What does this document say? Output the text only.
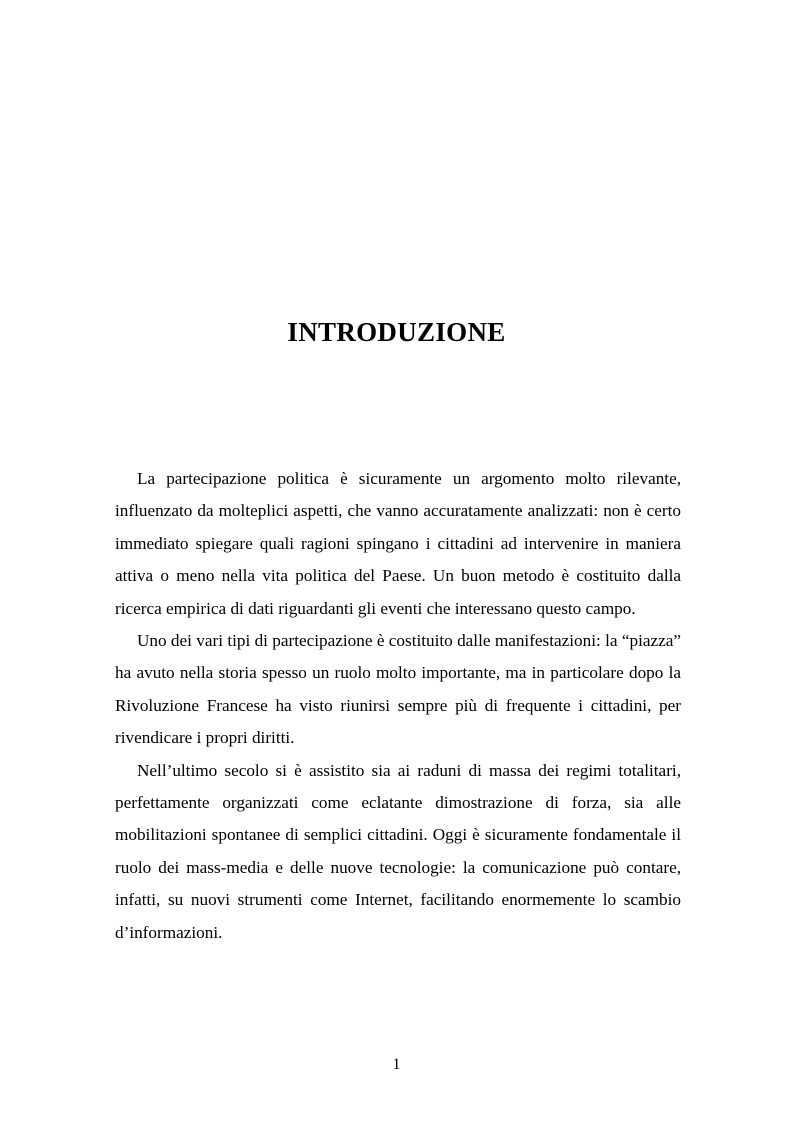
INTRODUZIONE

La partecipazione politica è sicuramente un argomento molto rilevante, influenzato da molteplici aspetti, che vanno accuratamente analizzati: non è certo immediato spiegare quali ragioni spingano i cittadini ad intervenire in maniera attiva o meno nella vita politica del Paese. Un buon metodo è costituito dalla ricerca empirica di dati riguardanti gli eventi che interessano questo campo.

Uno dei vari tipi di partecipazione è costituito dalle manifestazioni: la “piazza” ha avuto nella storia spesso un ruolo molto importante, ma in particolare dopo la Rivoluzione Francese ha visto riunirsi sempre più di frequente i cittadini, per rivendicare i propri diritti.

Nell’ultimo secolo si è assistito sia ai raduni di massa dei regimi totalitari, perfettamente organizzati come eclatante dimostrazione di forza, sia alle mobilitazioni spontanee di semplici cittadini. Oggi è sicuramente fondamentale il ruolo dei mass-media e delle nuove tecnologie: la comunicazione può contare, infatti, su nuovi strumenti come Internet, facilitando enormemente lo scambio d’informazioni.

1
